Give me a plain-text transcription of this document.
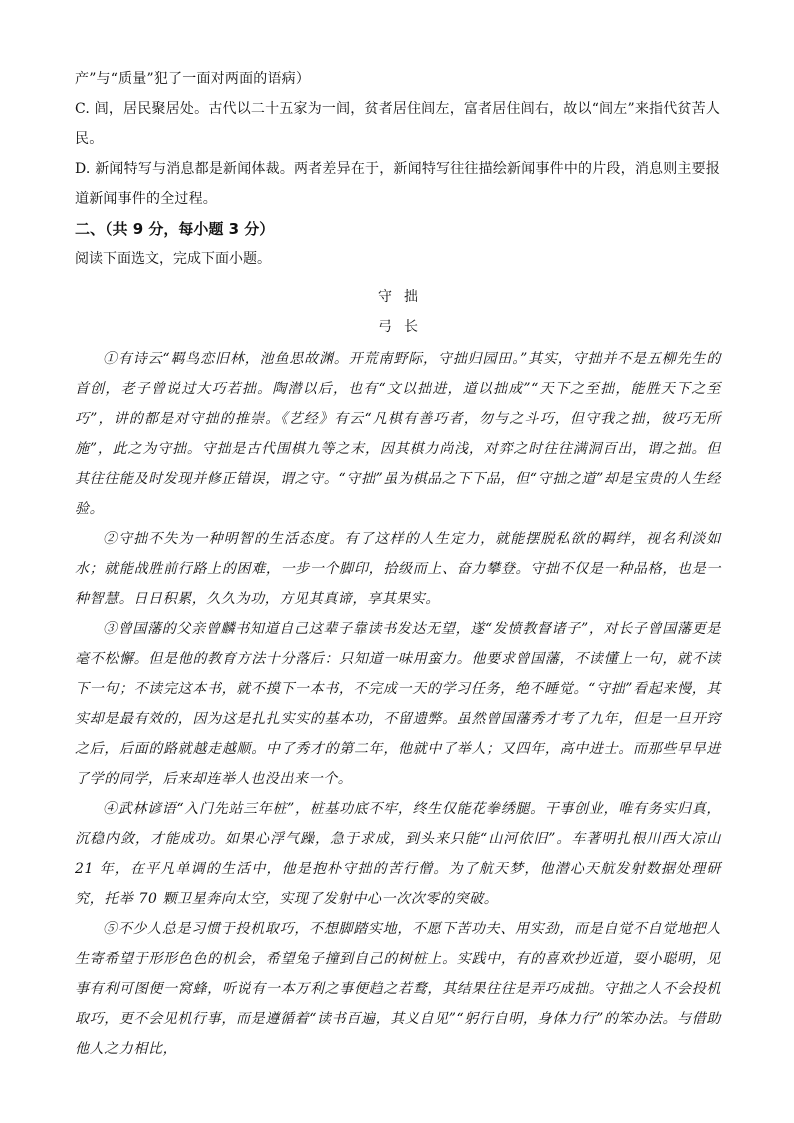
产”与“质量”犯了一面对两面的语病）

C. 闾，居民聚居处。古代以二十五家为一闾，贫者居住闾左，富者居住闾右，故以“闾左”来指代贫苦人民。

D. 新闻特写与消息都是新闻体裁。两者差异在于，新闻特写往往描绘新闻事件中的片段，消息则主要报道新闻事件的全过程。

二、（共 9 分，每小题 3 分）

阅读下面选文，完成下面小题。

守拙

弓长

①有诗云“羁鸟恋旧林，池鱼思故渊。开荒南野际，守拙归园田。”其实，守拙并不是五柳先生的首创，老子曾说过大巧若拙。陶潜以后，也有“文以拙进，道以拙成”“天下之至拙，能胜天下之至巧”，讲的都是对守拙的推崇。《艺经》有云“凡棋有善巧者，勿与之斗巧，但守我之拙，彼巧无所施”，此之为守拙。守拙是古代围棋九等之末，因其棋力尚浅，对弈之时往往满洞百出，谓之拙。但其往往能及时发现并修正错误，谓之守。“守拙”虽为棋品之下下品，但“守拙之道”却是宝贵的人生经验。

②守拙不失为一种明智的生活态度。有了这样的人生定力，就能摆脱私欲的羁绊，视名利淡如水；就能战胜前行路上的困难，一步一个脚印，拾级而上、奋力攀登。守拙不仅是一种品格，也是一种智慧。日日积累，久久为功，方见其真谛，享其果实。

③曾国藩的父亲曾麟书知道自己这辈子靠读书发达无望，遂“发愤教督诸子”，对长子曾国藩更是毫不松懈。但是他的教育方法十分落后：只知道一味用蛮力。他要求曾国藩，不读懂上一句，就不读下一句；不读完这本书，就不摸下一本书，不完成一天的学习任务，绝不睡觉。“守拙”看起来慢，其实却是最有效的，因为这是扎扎实实的基本功，不留遗弊。虽然曾国藩秀才考了九年，但是一旦开窍之后，后面的路就越走越顺。中了秀才的第二年，他就中了举人；又四年，高中进士。而那些早早进了学的同学，后来却连举人也没出来一个。

④武林谚语“入门先站三年桩”，桩基功底不牢，终生仅能花拳绣腿。干事创业，唯有务实归真，沉稳内敛，才能成功。如果心浮气躁，急于求成，到头来只能“山河依旧”。车著明扎根川西大凉山 21 年，在平凡单调的生活中，他是抱朴守拙的苦行僧。为了航天梦，他潜心天航发射数据处理研究，托举 70 颗卫星奔向太空，实现了发射中心一次次零的突破。

⑤不少人总是习惯于投机取巧，不想脚踏实地，不愿下苦功夫、用实劲，而是自觉不自觉地把人生寄希望于形形色色的机会，希望兔子撞到自己的树桩上。实践中，有的喜欢抄近道，耍小聪明，见事有利可图便一窝蜂，听说有一本万利之事便趋之若鹜，其结果往往是弄巧成拙。守拙之人不会投机取巧，更不会见机行事，而是遵循着“读书百遍，其义自见”“躬行自明，身体力行”的笨办法。与借助他人之力相比，
